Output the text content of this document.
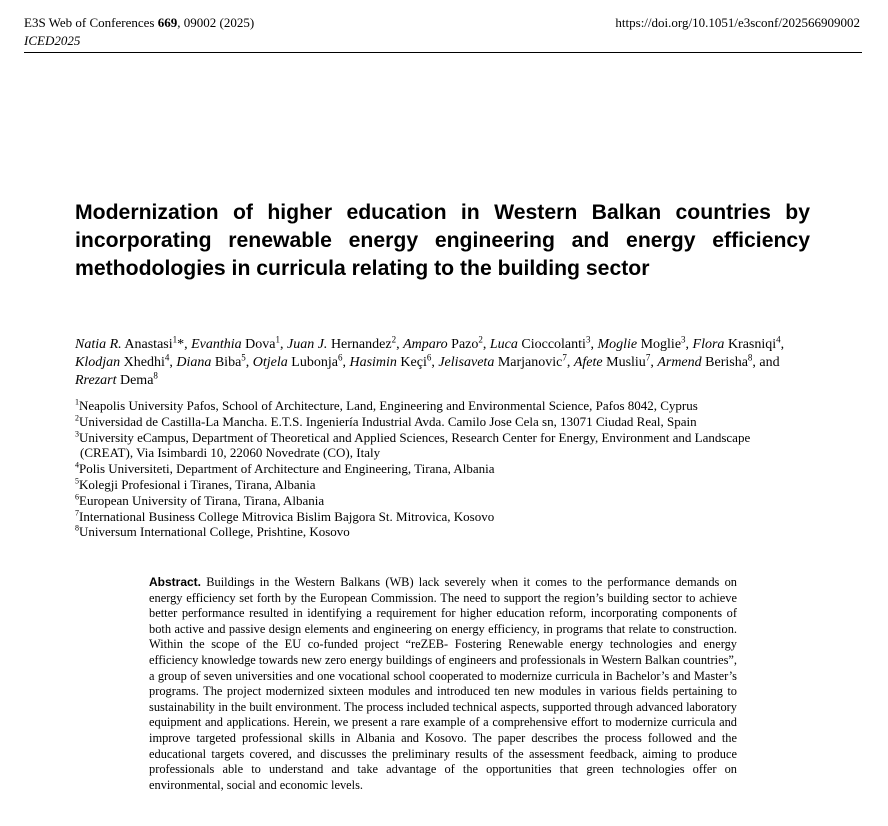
E3S Web of Conferences 669, 09002 (2025)
ICED2025
https://doi.org/10.1051/e3sconf/202566909002
Modernization of higher education in Western Balkan countries by incorporating renewable energy engineering and energy efficiency methodologies in curricula relating to the building sector

Natia R. Anastasi$^1$*, Evanthia Dova$^1$, Juan J. Hernandez$^2$, Amparo Pazo$^2$, Luca Cioccolanti$^3$, Moglie Moglie$^3$, Flora Krasniqi$^4$, Klodjan Xhedhi$^4$, Diana Biba$^5$, Otjela Lubonja$^6$, Hasimin Keçi$^6$, Jelisaveta Marjanovic$^7$, Afete Musliu$^7$, Armend Berisha$^8$, and Rrezart Dema$^8$

$^1$Neapolis University Pafos, School of Architecture, Land, Engineering and Environmental Science, Pafos 8042, Cyprus
$^2$Universidad de Castilla-La Mancha. E.T.S. Ingeniería Industrial Avda. Camilo Jose Cela sn, 13071 Ciudad Real, Spain
$^3$University eCampus, Department of Theoretical and Applied Sciences, Research Center for Energy, Environment and Landscape
(CREAT), Via Isimbardi 10, 22060 Novedrate (CO), Italy
$^4$Polis Universiteti, Department of Architecture and Engineering, Tirana, Albania
$^5$Kolegji Profesional i Tiranes, Tirana, Albania
$^6$European University of Tirana, Tirana, Albania
$^7$International Business College Mitrovica Bislim Bajgora St. Mitrovica, Kosovo
$^8$Universum International College, Prishtine, Kosovo

Abstract. Buildings in the Western Balkans (WB) lack severely when it comes to the performance demands on energy efficiency set forth by the European Commission. The need to support the region’s building sector to achieve better performance resulted in identifying a requirement for higher education reform, incorporating components of both active and passive design elements and engineering on energy efficiency, in programs that relate to construction. Within the scope of the EU co-funded project “reZEB- Fostering Renewable energy technologies and energy efficiency knowledge towards new zero energy buildings of engineers and professionals in Western Balkan countries”, a group of seven universities and one vocational school cooperated to modernize curricula in Bachelor’s and Master’s programs. The project modernized sixteen modules and introduced ten new modules in various fields pertaining to sustainability in the built environment. The process included technical aspects, supported through advanced laboratory equipment and applications. Herein, we present a rare example of a comprehensive effort to modernize curricula and improve targeted professional skills in Albania and Kosovo. The paper describes the process followed and the educational targets covered, and discusses the preliminary results of the assessment feedback, aiming to produce professionals able to understand and take advantage of the opportunities that green technologies offer on environmental, social and economic levels.
